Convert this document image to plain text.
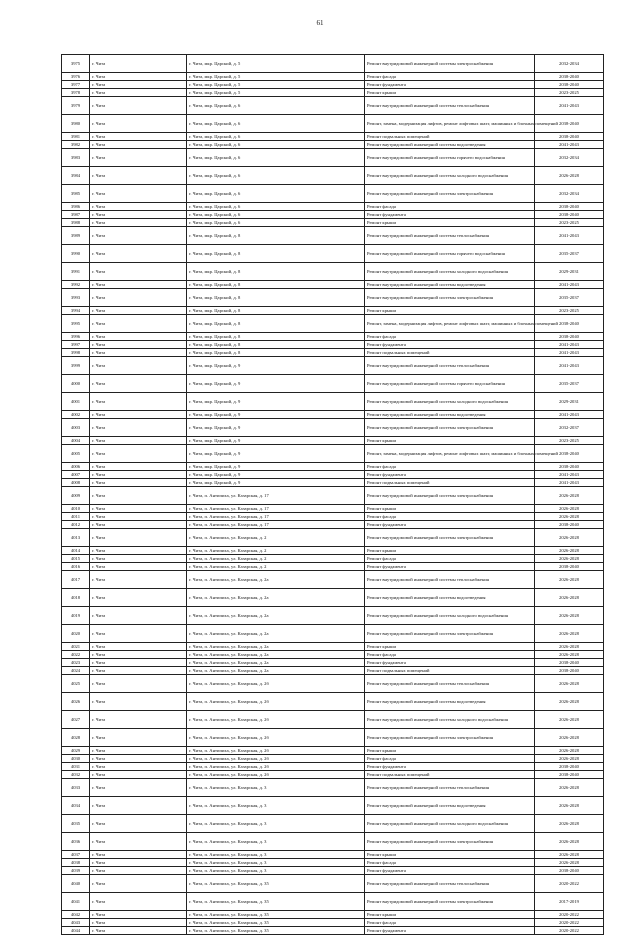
61
3975	г. Чита	г. Чита, мкр. Царский, д. 5	Ремонт внутридомовой инженерной системы электроснабжения	2032-2034
3976	г. Чита	г. Чита, мкр. Царский, д. 5	Ремонт фасада	2038-2040
3977	г. Чита	г. Чита, мкр. Царский, д. 5	Ремонт фундамента	2038-2040
3978	г. Чита	г. Чита, мкр. Царский, д. 5	Ремонт крыши	2023-2025
3979	г. Чита	г. Чита, мкр. Царский, д. 6	Ремонт внутридомовой инженерной системы теплоснабжения	2041-2043
3980	г. Чита	г. Чита, мкр. Царский, д. 6	Ремонт, замена, модернизация лифтов, ремонт лифтовых шахт, машинных и блочных помещений	2038-2040
3981	г. Чита	г. Чита, мкр. Царский, д. 6	Ремонт подвальных помещений	2038-2040
3982	г. Чита	г. Чита, мкр. Царский, д. 6	Ремонт внутридомовой инженерной системы водоотведения	2041-2043
3983	г. Чита	г. Чита, мкр. Царский, д. 6	Ремонт внутридомовой инженерной системы горячего водоснабжения	2032-2034
3984	г. Чита	г. Чита, мкр. Царский, д. 6	Ремонт внутридомовой инженерной системы холодного водоснабжения	2026-2028
3985	г. Чита	г. Чита, мкр. Царский, д. 6	Ремонт внутридомовой инженерной системы электроснабжения	2032-2034
3986	г. Чита	г. Чита, мкр. Царский, д. 6	Ремонт фасада	2038-2040
3987	г. Чита	г. Чита, мкр. Царский, д. 6	Ремонт фундамента	2038-2040
3988	г. Чита	г. Чита, мкр. Царский, д. 6	Ремонт крыши	2023-2025
3989	г. Чита	г. Чита, мкр. Царский, д. 8	Ремонт внутридомовой инженерной системы теплоснабжения	2041-2043
3990	г. Чита	г. Чита, мкр. Царский, д. 8	Ремонт внутридомовой инженерной системы горячего водоснабжения	2035-2037
3991	г. Чита	г. Чита, мкр. Царский, д. 8	Ремонт внутридомовой инженерной системы холодного водоснабжения	2029-2031
3992	г. Чита	г. Чита, мкр. Царский, д. 8	Ремонт внутридомовой инженерной системы водоотведения	2041-2043
3993	г. Чита	г. Чита, мкр. Царский, д. 8	Ремонт внутридомовой инженерной системы электроснабжения	2035-2037
3994	г. Чита	г. Чита, мкр. Царский, д. 8	Ремонт крыши	2023-2025
3995	г. Чита	г. Чита, мкр. Царский, д. 8	Ремонт, замена, модернизация лифтов, ремонт лифтовых шахт, машинных и блочных помещений	2038-2040
3996	г. Чита	г. Чита, мкр. Царский, д. 8	Ремонт фасада	2038-2040
3997	г. Чита	г. Чита, мкр. Царский, д. 8	Ремонт фундамента	2041-2043
3998	г. Чита	г. Чита, мкр. Царский, д. 8	Ремонт подвальных помещений	2041-2043
3999	г. Чита	г. Чита, мкр. Царский, д. 9	Ремонт внутридомовой инженерной системы теплоснабжения	2041-2043
4000	г. Чита	г. Чита, мкр. Царский, д. 9	Ремонт внутридомовой инженерной системы горячего водоснабжения	2035-2037
4001	г. Чита	г. Чита, мкр. Царский, д. 9	Ремонт внутридомовой инженерной системы холодного водоснабжения	2029-2031
4002	г. Чита	г. Чита, мкр. Царский, д. 9	Ремонт внутридомовой инженерной системы водоотведения	2041-2043
4003	г. Чита	г. Чита, мкр. Царский, д. 9	Ремонт внутридомовой инженерной системы электроснабжения	2032-2037
4004	г. Чита	г. Чита, мкр. Царский, д. 9	Ремонт крыши	2023-2025
4005	г. Чита	г. Чита, мкр. Царский, д. 9	Ремонт, замена, модернизация лифтов, ремонт лифтовых шахт, машинных и блочных помещений	2038-2040
4006	г. Чита	г. Чита, мкр. Царский, д. 9	Ремонт фасада	2038-2040
4007	г. Чита	г. Чита, мкр. Царский, д. 9	Ремонт фундамента	2041-2043
4008	г. Чита	г. Чита, мкр. Царский, д. 9	Ремонт подвальных помещений	2041-2043
4009	г. Чита	г. Чита, п. Антипиха, ул. Казарская, д. 17	Ремонт внутридомовой инженерной системы электроснабжения	2026-2028
4010	г. Чита	г. Чита, п. Антипиха, ул. Казарская, д. 17	Ремонт крыши	2026-2028
4011	г. Чита	г. Чита, п. Антипиха, ул. Казарская, д. 17	Ремонт фасада	2026-2028
4012	г. Чита	г. Чита, п. Антипиха, ул. Казарская, д. 17	Ремонт фундамента	2038-2040
4013	г. Чита	г. Чита, п. Антипиха, ул. Казарская, д. 2	Ремонт внутридомовой инженерной системы электроснабжения	2026-2028
4014	г. Чита	г. Чита, п. Антипиха, ул. Казарская, д. 2	Ремонт крыши	2026-2028
4015	г. Чита	г. Чита, п. Антипиха, ул. Казарская, д. 2	Ремонт фасада	2026-2028
4016	г. Чита	г. Чита, п. Антипиха, ул. Казарская, д. 2	Ремонт фундамента	2038-2040
4017	г. Чита	г. Чита, п. Антипиха, ул. Казарская, д. 2а	Ремонт внутридомовой инженерной системы теплоснабжения	2026-2028
4018	г. Чита	г. Чита, п. Антипиха, ул. Казарская, д. 2а	Ремонт внутридомовой инженерной системы водоотведения	2026-2028
4019	г. Чита	г. Чита, п. Антипиха, ул. Казарская, д. 2а	Ремонт внутридомовой инженерной системы холодного водоснабжения	2026-2028
4020	г. Чита	г. Чита, п. Антипиха, ул. Казарская, д. 2а	Ремонт внутридомовой инженерной системы электроснабжения	2026-2028
4021	г. Чита	г. Чита, п. Антипиха, ул. Казарская, д. 2а	Ремонт крыши	2026-2028
4022	г. Чита	г. Чита, п. Антипиха, ул. Казарская, д. 2а	Ремонт фасада	2026-2028
4023	г. Чита	г. Чита, п. Антипиха, ул. Казарская, д. 2а	Ремонт фундамента	2038-2040
4024	г. Чита	г. Чита, п. Антипиха, ул. Казарская, д. 2а	Ремонт подвальных помещений	2038-2040
4025	г. Чита	г. Чита, п. Антипиха, ул. Казарская, д. 2б	Ремонт внутридомовой инженерной системы теплоснабжения	2026-2028
4026	г. Чита	г. Чита, п. Антипиха, ул. Казарская, д. 2б	Ремонт внутридомовой инженерной системы водоотведения	2026-2028
4027	г. Чита	г. Чита, п. Антипиха, ул. Казарская, д. 2б	Ремонт внутридомовой инженерной системы холодного водоснабжения	2026-2028
4028	г. Чита	г. Чита, п. Антипиха, ул. Казарская, д. 2б	Ремонт внутридомовой инженерной системы электроснабжения	2026-2028
4029	г. Чита	г. Чита, п. Антипиха, ул. Казарская, д. 2б	Ремонт крыши	2026-2028
4030	г. Чита	г. Чита, п. Антипиха, ул. Казарская, д. 2б	Ремонт фасада	2026-2028
4031	г. Чита	г. Чита, п. Антипиха, ул. Казарская, д. 2б	Ремонт фундамента	2038-2040
4032	г. Чита	г. Чита, п. Антипиха, ул. Казарская, д. 2б	Ремонт подвальных помещений	2038-2040
4033	г. Чита	г. Чита, п. Антипиха, ул. Казарская, д. 3	Ремонт внутридомовой инженерной системы теплоснабжения	2026-2028
4034	г. Чита	г. Чита, п. Антипиха, ул. Казарская, д. 3	Ремонт внутридомовой инженерной системы водоотведения	2026-2028
4035	г. Чита	г. Чита, п. Антипиха, ул. Казарская, д. 3	Ремонт внутридомовой инженерной системы холодного водоснабжения	2026-2028
4036	г. Чита	г. Чита, п. Антипиха, ул. Казарская, д. 3	Ремонт внутридомовой инженерной системы электроснабжения	2026-2028
4037	г. Чита	г. Чита, п. Антипиха, ул. Казарская, д. 3	Ремонт крыши	2026-2028
4038	г. Чита	г. Чита, п. Антипиха, ул. Казарская, д. 3	Ремонт фасада	2026-2028
4039	г. Чита	г. Чита, п. Антипиха, ул. Казарская, д. 3	Ремонт фундамента	2038-2040
4040	г. Чита	г. Чита, п. Антипиха, ул. Казарская, д. 35	Ремонт внутридомовой инженерной системы теплоснабжения	2020-2022
4041	г. Чита	г. Чита, п. Антипиха, ул. Казарская, д. 35	Ремонт внутридомовой инженерной системы электроснабжения	2017-2019
4042	г. Чита	г. Чита, п. Антипиха, ул. Казарская, д. 35	Ремонт крыши	2020-2022
4043	г. Чита	г. Чита, п. Антипиха, ул. Казарская, д. 35	Ремонт фасада	2020-2022
4044	г. Чита	г. Чита, п. Антипиха, ул. Казарская, д. 35	Ремонт фундамента	2020-2022
